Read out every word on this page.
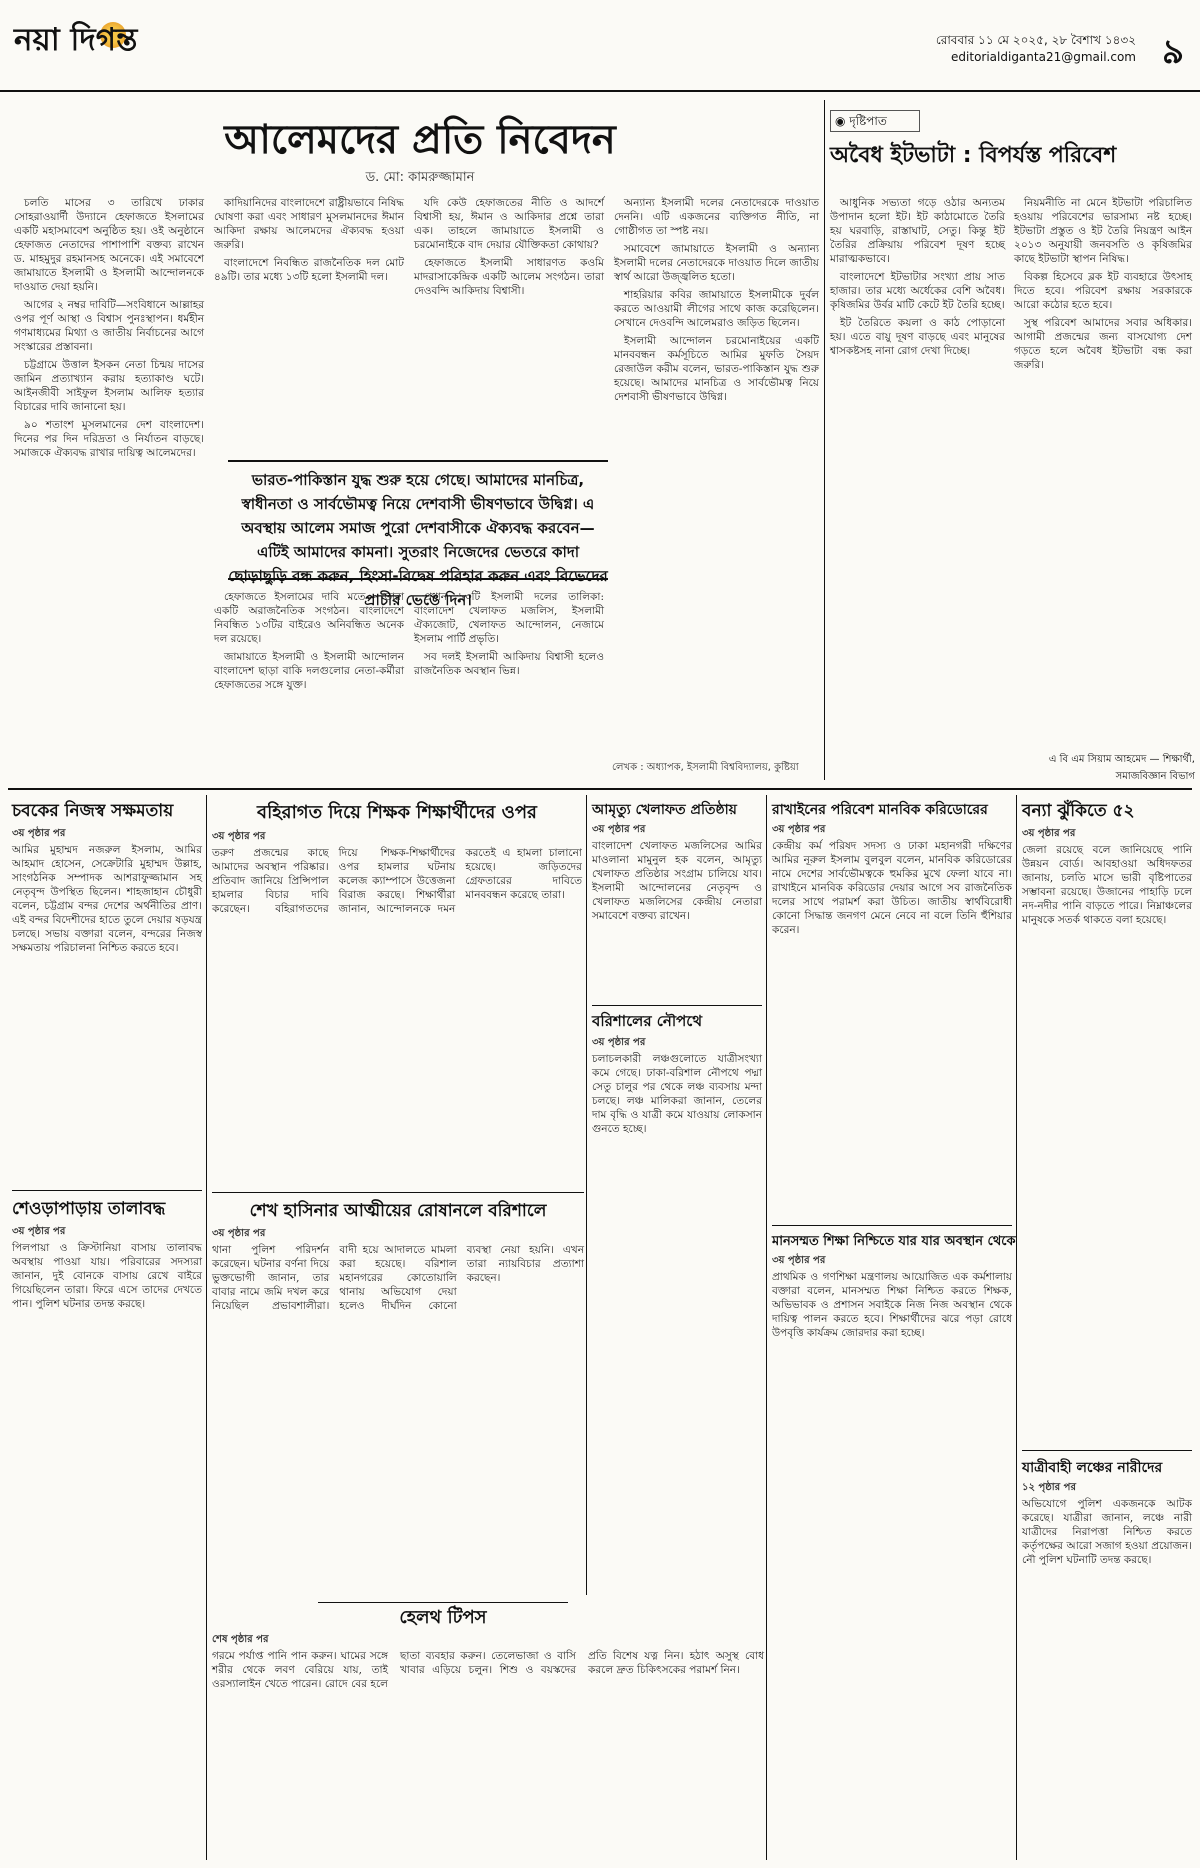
নয়া দিগন্ত	রোববার ১১ মে ২০২৫, ২৮ বৈশাখ ১৪৩২
editorialdiganta21@gmail.com ৯
আলেমদের প্রতি নিবেদন
ড. মো: কামরুজ্জামান

চলতি মাসের ৩ তারিখে ঢাকার সোহরাওয়ার্দী উদ্যানে হেফাজতে ইসলামের একটি মহাসমাবেশ অনুষ্ঠিত হয়। ওই অনুষ্ঠানে হেফাজত নেতাদের পাশাপাশি বক্তব্য রাখেন ড. মাহমুদুর রহমানসহ অনেকে। এই সমাবেশে জামায়াতে ইসলামী ও ইসলামী আন্দোলনকে দাওয়াত দেয়া হয়নি।

আগের ২ নম্বর দাবিটি—সংবিধানে আল্লাহর ওপর পূর্ণ আস্থা ও বিশ্বাস পুনঃস্থাপন। ধর্মহীন গণমাধ্যমের মিথ্যা ও জাতীয় নির্বাচনের আগে সংস্কারের প্রস্তাবনা।

চট্টগ্রামে উত্তাল ইসকন নেতা চিন্ময় দাসের জামিন প্রত্যাখ্যান করায় হত্যাকাণ্ড ঘটে। আইনজীবী সাইফুল ইসলাম আলিফ হত্যার বিচারের দাবি জানানো হয়।

৯০ শতাংশ মুসলমানের দেশ বাংলাদেশ। দিনের পর দিন দরিদ্রতা ও নির্যাতন বাড়ছে। সমাজকে ঐক্যবদ্ধ রাখার দায়িত্ব আলেমদের।

কাদিয়ানিদের বাংলাদেশে রাষ্ট্রীয়ভাবে নিষিদ্ধ ঘোষণা করা এবং সাধারণ মুসলমানদের ঈমান আকিদা রক্ষায় আলেমদের ঐক্যবদ্ধ হওয়া জরুরি।

বাংলাদেশে নিবন্ধিত রাজনৈতিক দল মোট ৪৯টি। তার মধ্যে ১৩টি হলো ইসলামী দল।

হেফাজতে ইসলামের দাবি মতে— তারা একটি অরাজনৈতিক সংগঠন। বাংলাদেশে নিবন্ধিত ১৩টির বাইরেও অনিবন্ধিত অনেক দল রয়েছে।

জামায়াতে ইসলামী ও ইসলামী আন্দোলন বাংলাদেশ ছাড়া বাকি দলগুলোর নেতা-কর্মীরা হেফাজতের সঙ্গে যুক্ত।

যদি কেউ হেফাজতের নীতি ও আদর্শে বিশ্বাসী হয়, ঈমান ও আকিদার প্রশ্নে তারা এক। তাহলে জামায়াতে ইসলামী ও চরমোনাইকে বাদ দেয়ার যৌক্তিকতা কোথায়?

হেফাজতে ইসলামী সাধারণত কওমি মাদরাসাকেন্দ্রিক একটি আলেম সংগঠন। তারা দেওবন্দি আকিদায় বিশ্বাসী।

প্রধান ১৩টি ইসলামী দলের তালিকা: বাংলাদেশ খেলাফত মজলিস, ইসলামী ঐক্যজোট, খেলাফত আন্দোলন, নেজামে ইসলাম পার্টি প্রভৃতি।

সব দলই ইসলামী আকিদায় বিশ্বাসী হলেও রাজনৈতিক অবস্থান ভিন্ন।

অন্যান্য ইসলামী দলের নেতাদেরকে দাওয়াত দেননি। এটি একজনের ব্যক্তিগত নীতি, না গোষ্ঠীগত তা স্পষ্ট নয়।

সমাবেশে জামায়াতে ইসলামী ও অন্যান্য ইসলামী দলের নেতাদেরকে দাওয়াত দিলে জাতীয় স্বার্থ আরো উজ্জ্বলিত হতো।

শাহরিয়ার কবির জামায়াতে ইসলামীকে দুর্বল করতে আওয়ামী লীগের সাথে কাজ করেছিলেন। সেখানে দেওবন্দি আলেমরাও জড়িত ছিলেন।

ইসলামী আন্দোলন চরমোনাইয়ের একটি মানববন্ধন কর্মসূচিতে আমির মুফতি সৈয়দ রেজাউল করীম বলেন, ভারত-পাকিস্তান যুদ্ধ শুরু হয়েছে। আমাদের মানচিত্র ও সার্বভৌমত্ব নিয়ে দেশবাসী ভীষণভাবে উদ্বিগ্ন।

ভারত-পাকিস্তান যুদ্ধ শুরু হয়ে গেছে। আমাদের মানচিত্র, স্বাধীনতা ও সার্বভৌমত্ব নিয়ে দেশবাসী ভীষণভাবে উদ্বিগ্ন। এ অবস্থায় আলেম সমাজ পুরো দেশবাসীকে ঐক্যবদ্ধ করবেন—এটিই আমাদের কামনা। সুতরাং নিজেদের ভেতরে কাদা ছোড়াছুড়ি বন্ধ করুন, হিংসা-বিদ্বেষ পরিহার করুন এবং বিভেদের প্রাচীর ভেঙে দিন।
লেখক : অধ্যাপক, ইসলামী বিশ্ববিদ্যালয়, কুষ্টিয়া
◉ দৃষ্টিপাত
অবৈধ ইটভাটা : বিপর্যস্ত পরিবেশ

আধুনিক সভ্যতা গড়ে ওঠার অন্যতম উপাদান হলো ইট। ইট কাঠামোতে তৈরি হয় ঘরবাড়ি, রাস্তাঘাট, সেতু। কিন্তু ইট তৈরির প্রক্রিয়ায় পরিবেশ দূষণ হচ্ছে মারাত্মকভাবে।

বাংলাদেশে ইটভাটার সংখ্যা প্রায় সাত হাজার। তার মধ্যে অর্ধেকের বেশি অবৈধ। কৃষিজমির উর্বর মাটি কেটে ইট তৈরি হচ্ছে।

ইট তৈরিতে কয়লা ও কাঠ পোড়ানো হয়। এতে বায়ু দূষণ বাড়ছে এবং মানুষের শ্বাসকষ্টসহ নানা রোগ দেখা দিচ্ছে।

নিয়মনীতি না মেনে ইটভাটা পরিচালিত হওয়ায় পরিবেশের ভারসাম্য নষ্ট হচ্ছে। ইটভাটা প্রস্তুত ও ইট তৈরি নিয়ন্ত্রণ আইন ২০১৩ অনুযায়ী জনবসতি ও কৃষিজমির কাছে ইটভাটা স্থাপন নিষিদ্ধ।

বিকল্প হিসেবে ব্লক ইট ব্যবহারে উৎসাহ দিতে হবে। পরিবেশ রক্ষায় সরকারকে আরো কঠোর হতে হবে।

সুস্থ পরিবেশ আমাদের সবার অধিকার। আগামী প্রজন্মের জন্য বাসযোগ্য দেশ গড়তে হলে অবৈধ ইটভাটা বন্ধ করা জরুরি।

এ বি এম সিয়াম আহমেদ — শিক্ষার্থী, সমাজবিজ্ঞান বিভাগ
চবকের নিজস্ব সক্ষমতায়
৩য় পৃষ্ঠার পর
আমির মুহাম্মদ নজরুল ইসলাম, আমির আহমাদ হোসেন, সেক্রেটারি মুহাম্মদ উল্লাহ, সাংগঠনিক সম্পাদক আশরাফুজ্জামান সহ নেতৃবৃন্দ উপস্থিত ছিলেন। শাহজাহান চৌধুরী বলেন, চট্টগ্রাম বন্দর দেশের অর্থনীতির প্রাণ। এই বন্দর বিদেশীদের হাতে তুলে দেয়ার ষড়যন্ত্র চলছে। সভায় বক্তারা বলেন, বন্দরের নিজস্ব সক্ষমতায় পরিচালনা নিশ্চিত করতে হবে।
শেওড়াপাড়ায় তালাবদ্ধ
৩য় পৃষ্ঠার পর
পিলপায়া ও ক্রিস্টানিয়া বাসায় তালাবদ্ধ অবস্থায় পাওয়া যায়। পরিবারের সদস্যরা জানান, দুই বোনকে বাসায় রেখে বাইরে গিয়েছিলেন তারা। ফিরে এসে তাদের দেখতে পান। পুলিশ ঘটনার তদন্ত করছে।
বহিরাগত দিয়ে শিক্ষক শিক্ষার্থীদের ওপর
৩য় পৃষ্ঠার পর
তরুণ প্রজন্মের কাছে আমাদের অবস্থান পরিষ্কার। প্রতিবাদ জানিয়ে প্রিন্সিপাল হামলার বিচার দাবি করেছেন। বহিরাগতদের দিয়ে শিক্ষক-শিক্ষার্থীদের ওপর হামলার ঘটনায় কলেজ ক্যাম্পাসে উত্তেজনা বিরাজ করছে। শিক্ষার্থীরা জানান, আন্দোলনকে দমন করতেই এ হামলা চালানো হয়েছে। জড়িতদের গ্রেফতারের দাবিতে মানববন্ধন করেছে তারা।
আমৃত্যু খেলাফত প্রতিষ্ঠায়
৩য় পৃষ্ঠার পর
বাংলাদেশ খেলাফত মজলিসের আমির মাওলানা মামুনুল হক বলেন, আমৃত্যু খেলাফত প্রতিষ্ঠার সংগ্রাম চালিয়ে যাব। ইসলামী আন্দোলনের নেতৃবৃন্দ ও খেলাফত মজলিসের কেন্দ্রীয় নেতারা সমাবেশে বক্তব্য রাখেন।
বরিশালের নৌপথে
৩য় পৃষ্ঠার পর
চলাচলকারী লঞ্চগুলোতে যাত্রীসংখ্যা কমে গেছে। ঢাকা-বরিশাল নৌপথে পদ্মা সেতু চালুর পর থেকে লঞ্চ ব্যবসায় মন্দা চলছে। লঞ্চ মালিকরা জানান, তেলের দাম বৃদ্ধি ও যাত্রী কমে যাওয়ায় লোকসান গুনতে হচ্ছে।
রাখাইনের পরিবেশ মানবিক করিডোরের
৩য় পৃষ্ঠার পর
কেন্দ্রীয় কর্ম পরিষদ সদস্য ও ঢাকা মহানগরী দক্ষিণের আমির নূরুল ইসলাম বুলবুল বলেন, মানবিক করিডোরের নামে দেশের সার্বভৌমত্বকে হুমকির মুখে ফেলা যাবে না। রাখাইনে মানবিক করিডোর দেয়ার আগে সব রাজনৈতিক দলের সাথে পরামর্শ করা উচিত। জাতীয় স্বার্থবিরোধী কোনো সিদ্ধান্ত জনগণ মেনে নেবে না বলে তিনি হুঁশিয়ার করেন।
মানসম্মত শিক্ষা নিশ্চিতে যার যার অবস্থান থেকে
৩য় পৃষ্ঠার পর
প্রাথমিক ও গণশিক্ষা মন্ত্রণালয় আয়োজিত এক কর্মশালায় বক্তারা বলেন, মানসম্মত শিক্ষা নিশ্চিত করতে শিক্ষক, অভিভাবক ও প্রশাসন সবাইকে নিজ নিজ অবস্থান থেকে দায়িত্ব পালন করতে হবে। শিক্ষার্থীদের ঝরে পড়া রোধে উপবৃত্তি কার্যক্রম জোরদার করা হচ্ছে।
বন্যা ঝুঁকিতে ৫২
৩য় পৃষ্ঠার পর
জেলা রয়েছে বলে জানিয়েছে পানি উন্নয়ন বোর্ড। আবহাওয়া অধিদফতর জানায়, চলতি মাসে ভারী বৃষ্টিপাতের সম্ভাবনা রয়েছে। উজানের পাহাড়ি ঢলে নদ-নদীর পানি বাড়তে পারে। নিম্নাঞ্চলের মানুষকে সতর্ক থাকতে বলা হয়েছে।
যাত্রীবাহী লঞ্চের নারীদের
১২ পৃষ্ঠার পর
অভিযোগে পুলিশ একজনকে আটক করেছে। যাত্রীরা জানান, লঞ্চে নারী যাত্রীদের নিরাপত্তা নিশ্চিত করতে কর্তৃপক্ষের আরো সজাগ হওয়া প্রয়োজন। নৌ পুলিশ ঘটনাটি তদন্ত করছে।
শেখ হাসিনার আত্মীয়ের রোষানলে বরিশালে
৩য় পৃষ্ঠার পর
থানা পুলিশ পরিদর্শন করেছেন। ঘটনার বর্ণনা দিয়ে ভুক্তভোগী জানান, তার বাবার নামে জমি দখল করে নিয়েছিল প্রভাবশালীরা। বাদী হয়ে আদালতে মামলা করা হয়েছে। বরিশাল মহানগরের কোতোয়ালি থানায় অভিযোগ দেয়া হলেও দীর্ঘদিন কোনো ব্যবস্থা নেয়া হয়নি। এখন তারা ন্যায়বিচার প্রত্যাশা করছেন।
হেলথ টিপস
শেষ পৃষ্ঠার পর
গরমে পর্যাপ্ত পানি পান করুন। ঘামের সঙ্গে শরীর থেকে লবণ বেরিয়ে যায়, তাই ওরস্যালাইন খেতে পারেন। রোদে বের হলে ছাতা ব্যবহার করুন। তেলেভাজা ও বাসি খাবার এড়িয়ে চলুন। শিশু ও বয়স্কদের প্রতি বিশেষ যত্ন নিন। হঠাৎ অসুস্থ বোধ করলে দ্রুত চিকিৎসকের পরামর্শ নিন।
